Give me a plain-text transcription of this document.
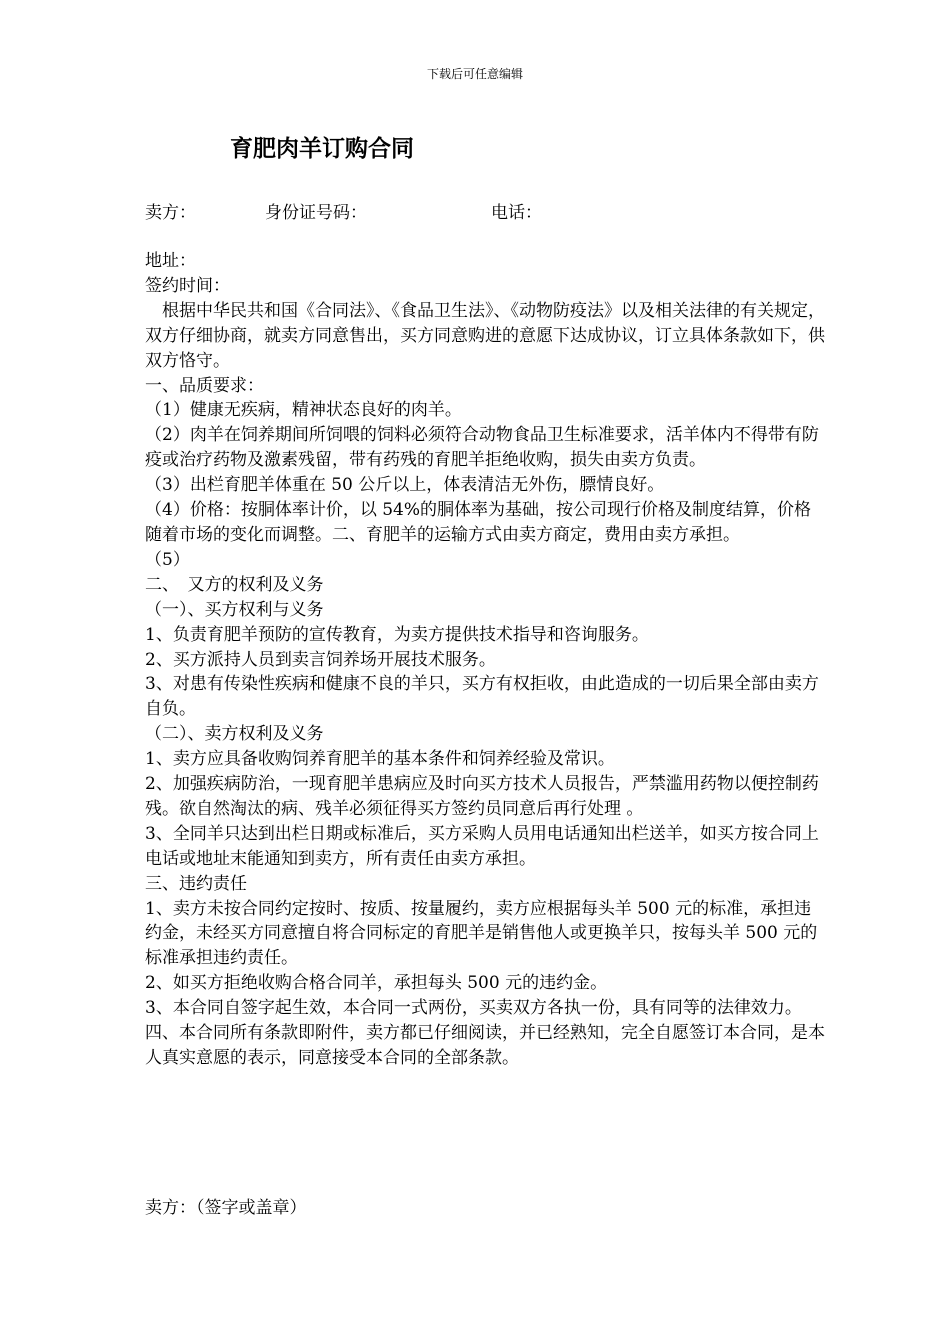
下载后可任意编辑
育肥肉羊订购合同
卖方：	身份证号码：	电话：

地址：

签约时间：

根据中华民共和国《合同法》、《食品卫生法》、《动物防疫法》以及相关法律的有关规定，双方仔细协商，就卖方同意售出，买方同意购进的意愿下达成协议，订立具体条款如下，供双方恪守。

一、品质要求：

（1）健康无疾病，精神状态良好的肉羊。

（2）肉羊在饲养期间所饲喂的饲料必须符合动物食品卫生标准要求，活羊体内不得带有防疫或治疗药物及激素残留，带有药残的育肥羊拒绝收购，损失由卖方负责。

（3）出栏育肥羊体重在 50 公斤以上，体表清洁无外伤，膘情良好。

（4）价格：按胴体率计价，以 54%的胴体率为基础，按公司现行价格及制度结算，价格随着市场的变化而调整。二、育肥羊的运输方式由卖方商定，费用由卖方承担。

（5）

二、　又方的权利及义务

（一）、买方权利与义务

1、负责育肥羊预防的宣传教育，为卖方提供技术指导和咨询服务。

2、买方派持人员到卖言饲养场开展技术服务。

3、对患有传染性疾病和健康不良的羊只，买方有权拒收，由此造成的一切后果全部由卖方自负。

（二）、卖方权利及义务

1、卖方应具备收购饲养育肥羊的基本条件和饲养经验及常识。

2、加强疾病防治，一现育肥羊患病应及时向买方技术人员报告，严禁滥用药物以便控制药残。欲自然淘汰的病、残羊必须征得买方签约员同意后再行处理 。

3、全同羊只达到出栏日期或标准后，买方采购人员用电话通知出栏送羊，如买方按合同上电话或地址末能通知到卖方，所有责任由卖方承担。

三、违约责任

1、卖方未按合同约定按时、按质、按量履约，卖方应根据每头羊 500 元的标准，承担违约金，未经买方同意擅自将合同标定的育肥羊是销售他人或更换羊只，按每头羊 500 元的标准承担违约责任。

2、如买方拒绝收购合格合同羊，承担每头 500 元的违约金。

3、本合同自签字起生效，本合同一式两份，买卖双方各执一份，具有同等的法律效力。

四、本合同所有条款即附件，卖方都已仔细阅读，并已经熟知，完全自愿签订本合同，是本人真实意愿的表示，同意接受本合同的全部条款。

卖方：（签字或盖章）
